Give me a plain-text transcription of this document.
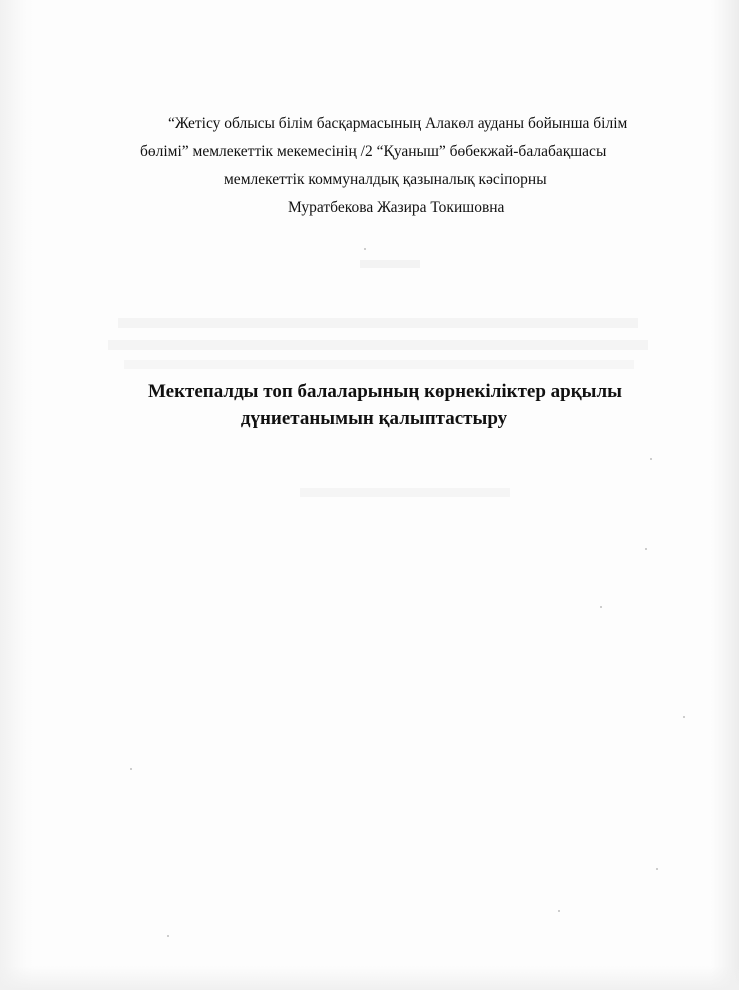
“Жетісу облысы білім басқармасының Алакөл ауданы бойынша білім
бөлімі” мемлекеттік мекемесінің /2 “Қуаныш” бөбекжай-балабақшасы
мемлекеттік коммуналдық қазыналық кәсіпорны
Муратбекова Жазира Токишовна
Мектепалды топ балаларының көрнекіліктер арқылы
дүниетанымын қалыптастыру
